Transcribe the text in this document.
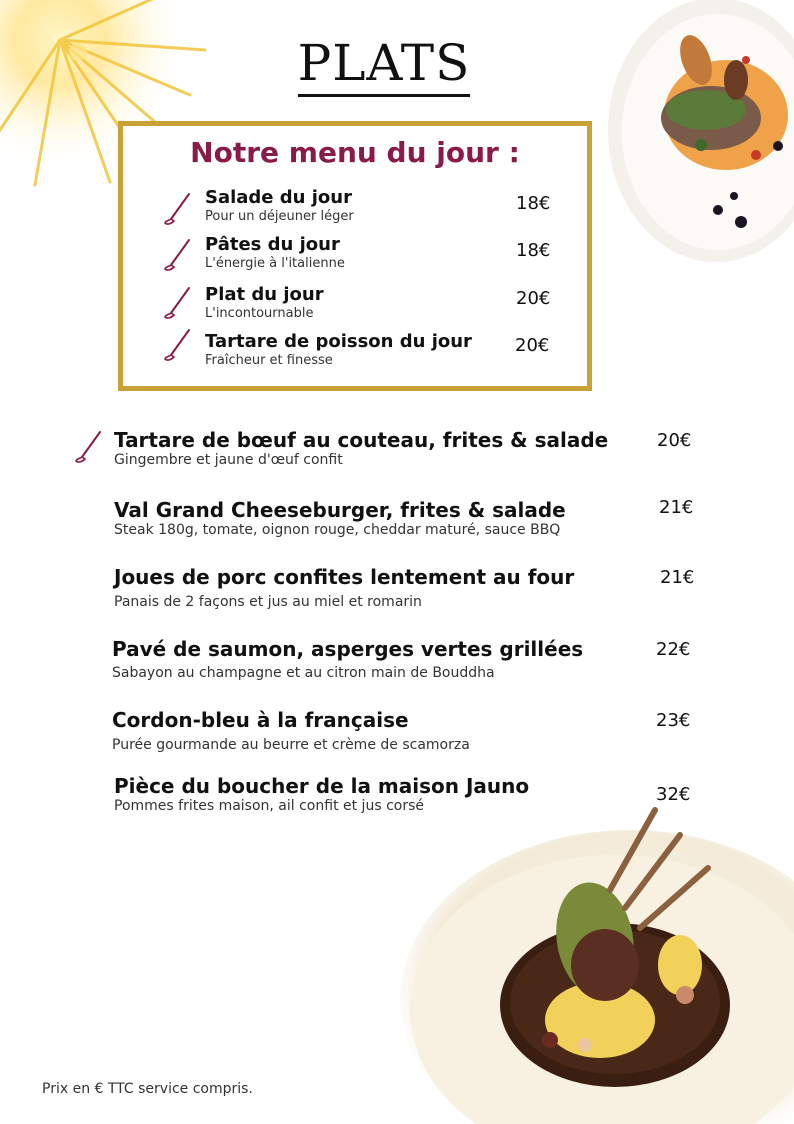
PLATS
Notre menu du jour :
Salade du jour
Pour un déjeuner léger
18€
Pâtes du jour
L'énergie à l'italienne
18€
Plat du jour
L'incontournable
20€
Tartare de poisson du jour
Fraîcheur et finesse
20€
Tartare de bœuf au couteau, frites & salade
Gingembre et jaune d'œuf confit
20€
Val Grand Cheeseburger, frites & salade
Steak 180g, tomate, oignon rouge, cheddar maturé, sauce BBQ
21€
Joues de porc confites lentement au four
Panais de 2 façons et jus au miel et romarin
21€
Pavé de saumon, asperges vertes grillées
Sabayon au champagne et au citron main de Bouddha
22€
Cordon-bleu à la française
Purée gourmande au beurre et crème de scamorza
23€
Pièce du boucher de la maison Jauno
Pommes frites maison, ail confit et jus corsé
32€
Prix en € TTC service compris.
